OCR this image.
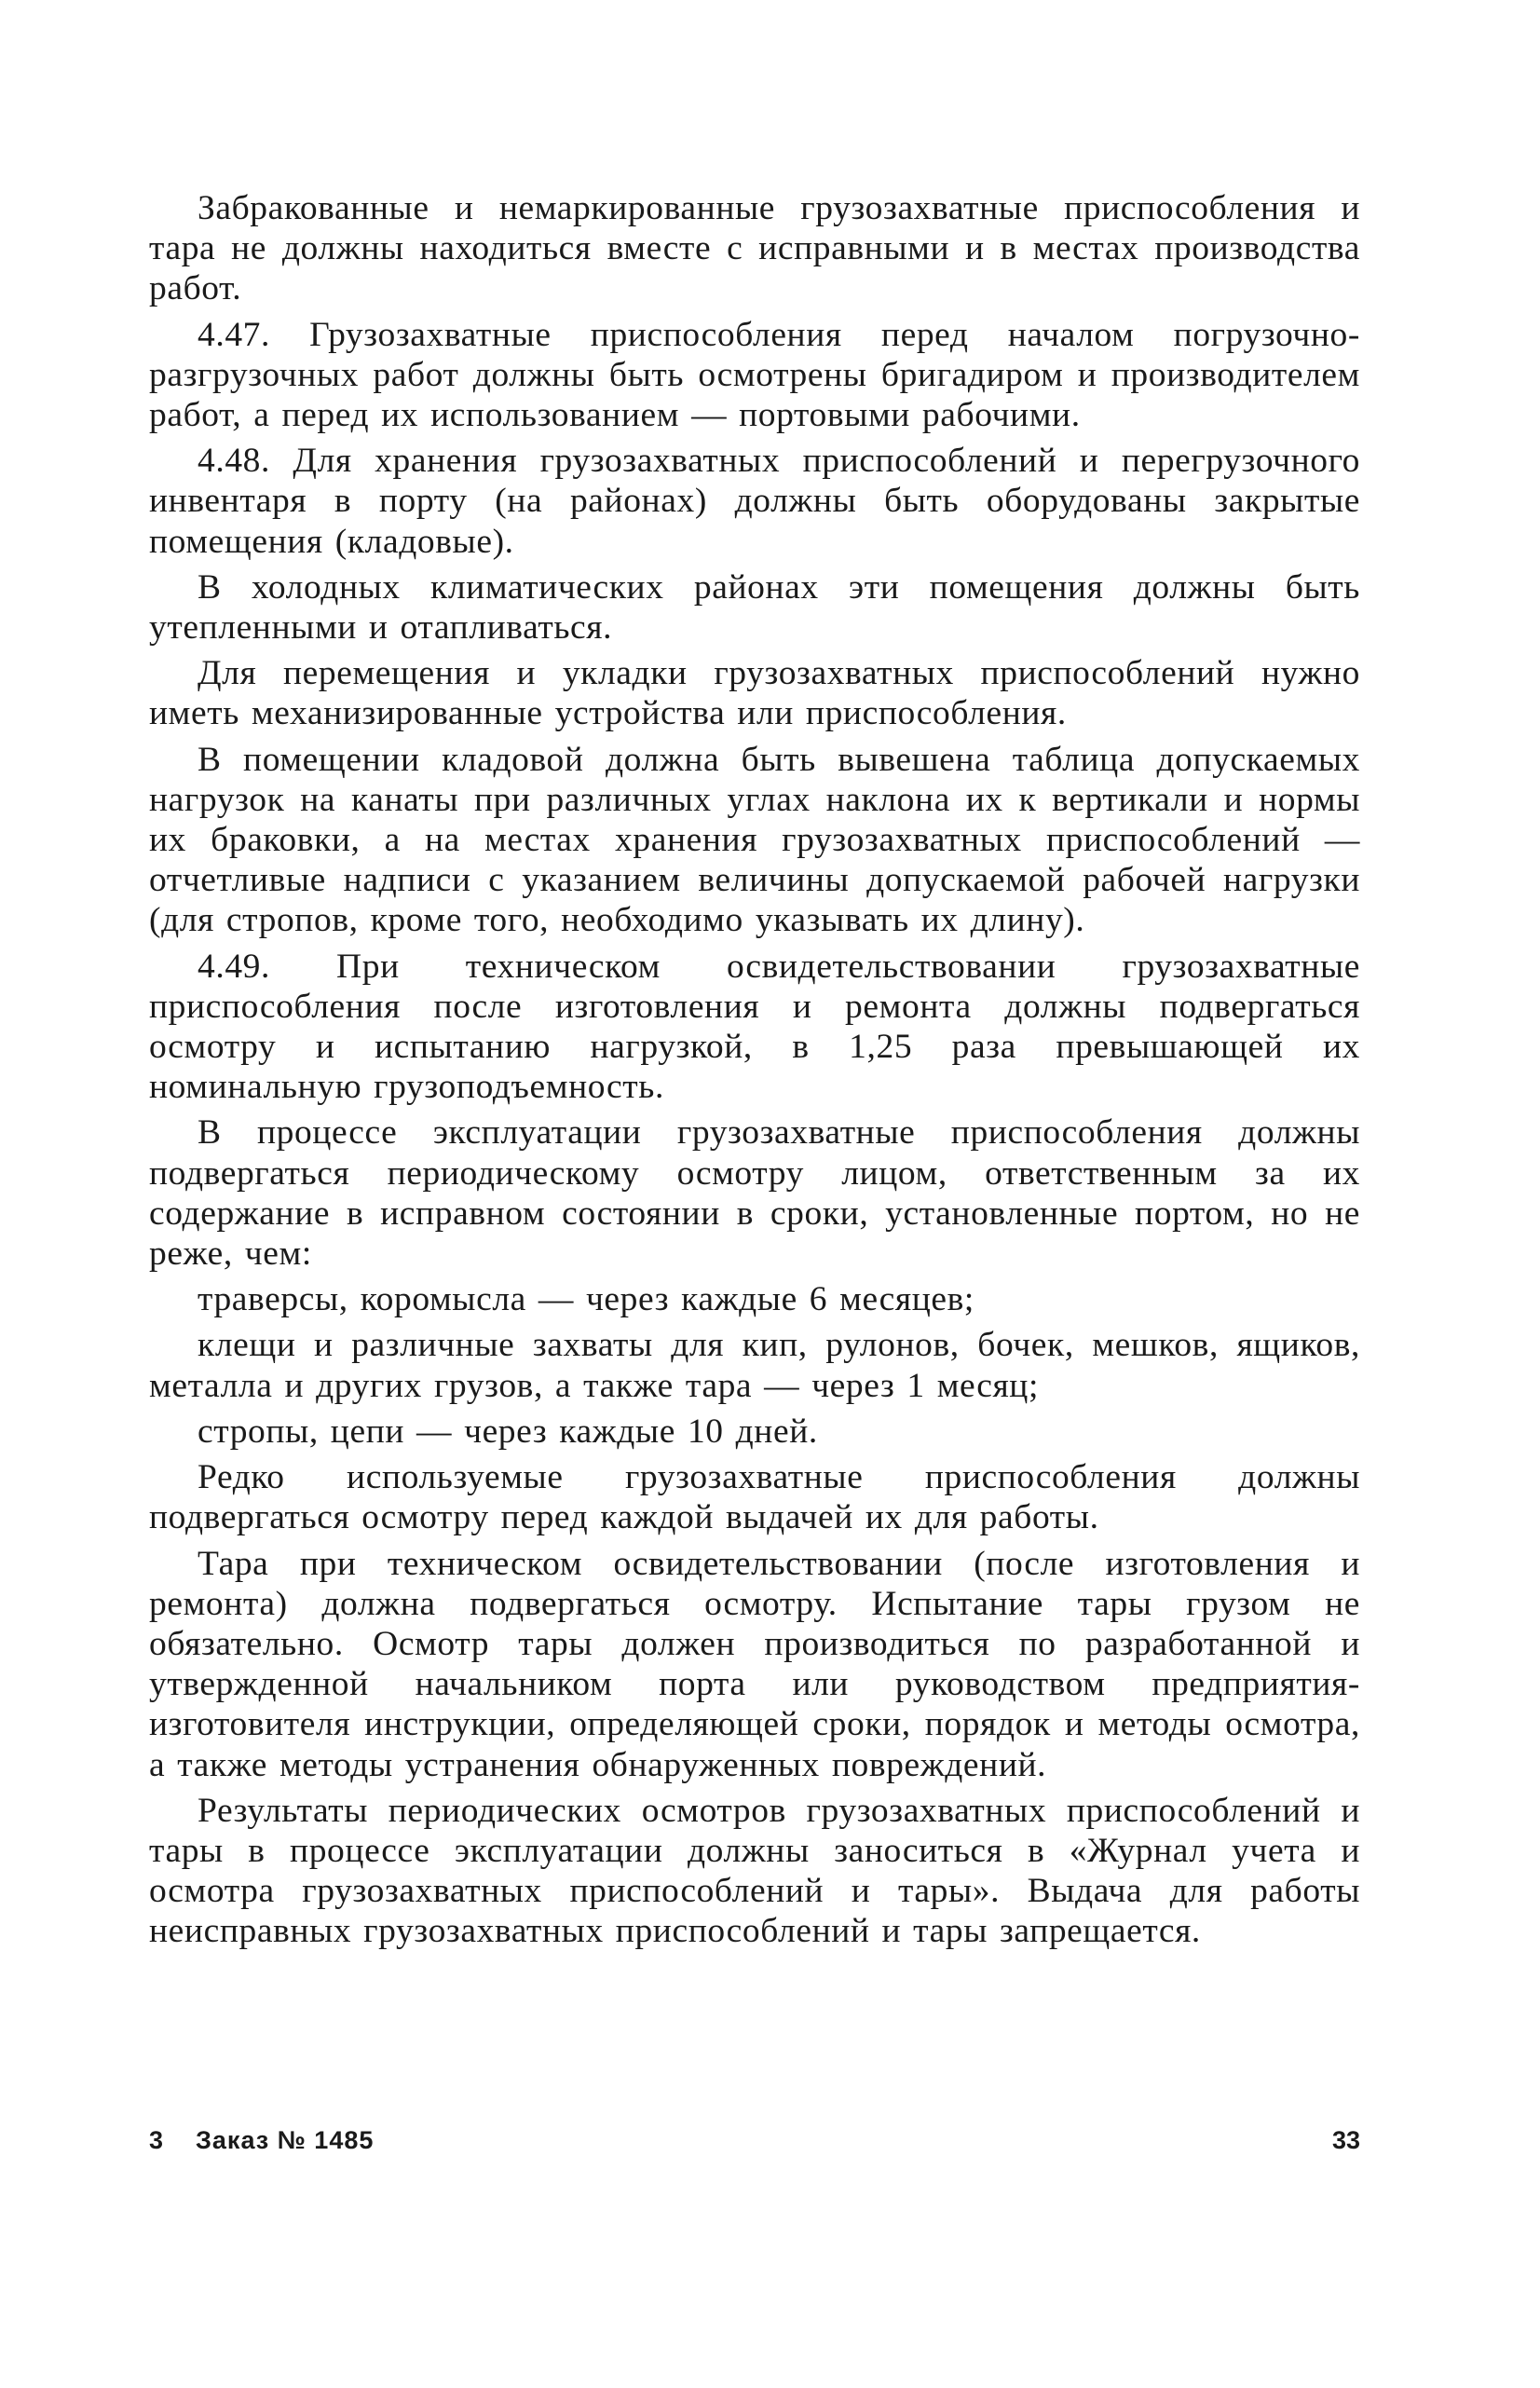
Забракованные и немаркированные грузозахватные приспособления и тара не должны находиться вместе с исправными и в местах производства работ.

4.47. Грузозахватные приспособления перед началом погрузочно-разгрузочных работ должны быть осмотрены бригадиром и производителем работ, а перед их использованием — портовыми рабочими.

4.48. Для хранения грузозахватных приспособлений и перегрузочного инвентаря в порту (на районах) должны быть оборудованы закрытые помещения (кладовые).

В холодных климатических районах эти помещения должны быть утепленными и отапливаться.

Для перемещения и укладки грузозахватных приспособлений нужно иметь механизированные устройства или приспособления.

В помещении кладовой должна быть вывешена таблица допускаемых нагрузок на канаты при различных углах наклона их к вертикали и нормы их браковки, а на местах хранения грузозахватных приспособлений — отчетливые надписи с указанием величины допускаемой рабочей нагрузки (для стропов, кроме того, необходимо указывать их длину).

4.49. При техническом освидетельствовании грузозахватные приспособления после изготовления и ремонта должны подвергаться осмотру и испытанию нагрузкой, в 1,25 раза превышающей их номинальную грузоподъемность.

В процессе эксплуатации грузозахватные приспособления должны подвергаться периодическому осмотру лицом, ответственным за их содержание в исправном состоянии в сроки, установленные портом, но не реже, чем:

траверсы, коромысла — через каждые 6 месяцев;

клещи и различные захваты для кип, рулонов, бочек, мешков, ящиков, металла и других грузов, а также тара — через 1 месяц;

стропы, цепи — через каждые 10 дней.

Редко используемые грузозахватные приспособления должны подвергаться осмотру перед каждой выдачей их для работы.

Тара при техническом освидетельствовании (после изготовления и ремонта) должна подвергаться осмотру. Испытание тары грузом не обязательно. Осмотр тары должен производиться по разработанной и утвержденной начальником порта или руководством предприятия-изготовителя инструкции, определяющей сроки, порядок и методы осмотра, а также методы устранения обнаруженных повреждений.

Результаты периодических осмотров грузозахватных приспособлений и тары в процессе эксплуатации должны заноситься в «Журнал учета и осмотра грузозахватных приспособлений и тары». Выдача для работы неисправных грузозахватных приспособлений и тары запрещается.

3 Заказ № 1485	33
